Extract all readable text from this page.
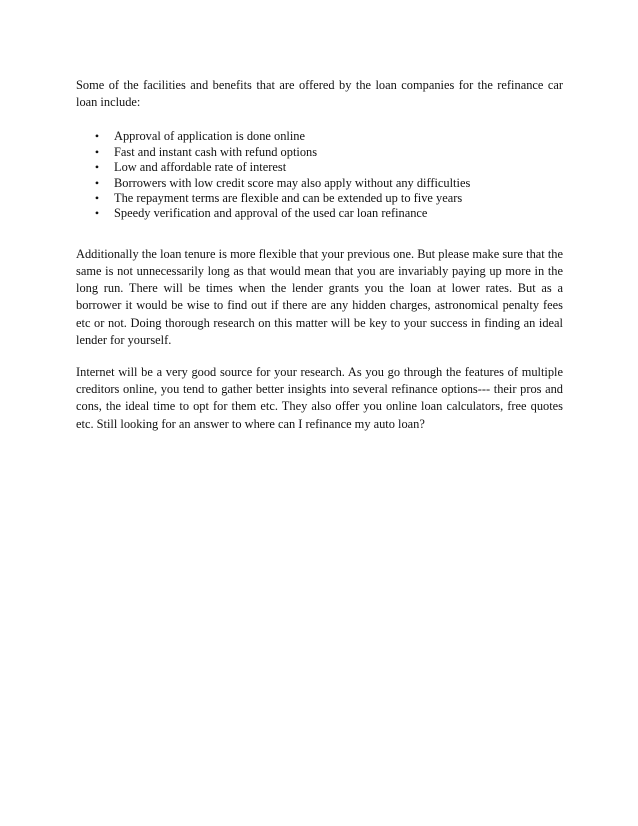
Some of the facilities and benefits that are offered by the loan companies for the refinance car loan include:

• Approval of application is done online
• Fast and instant cash with refund options
• Low and affordable rate of interest
• Borrowers with low credit score may also apply without any difficulties
• The repayment terms are flexible and can be extended up to five years
• Speedy verification and approval of the used car loan refinance

Additionally the loan tenure is more flexible that your previous one. But please make sure that the same is not unnecessarily long as that would mean that you are invariably paying up more in the long run. There will be times when the lender grants you the loan at lower rates. But as a borrower it would be wise to find out if there are any hidden charges, astronomical penalty fees etc or not. Doing thorough research on this matter will be key to your success in finding an ideal lender for yourself.

Internet will be a very good source for your research. As you go through the features of multiple creditors online, you tend to gather better insights into several refinance options--- their pros and cons, the ideal time to opt for them etc. They also offer you online loan calculators, free quotes etc. Still looking for an answer to where can I refinance my auto loan?
